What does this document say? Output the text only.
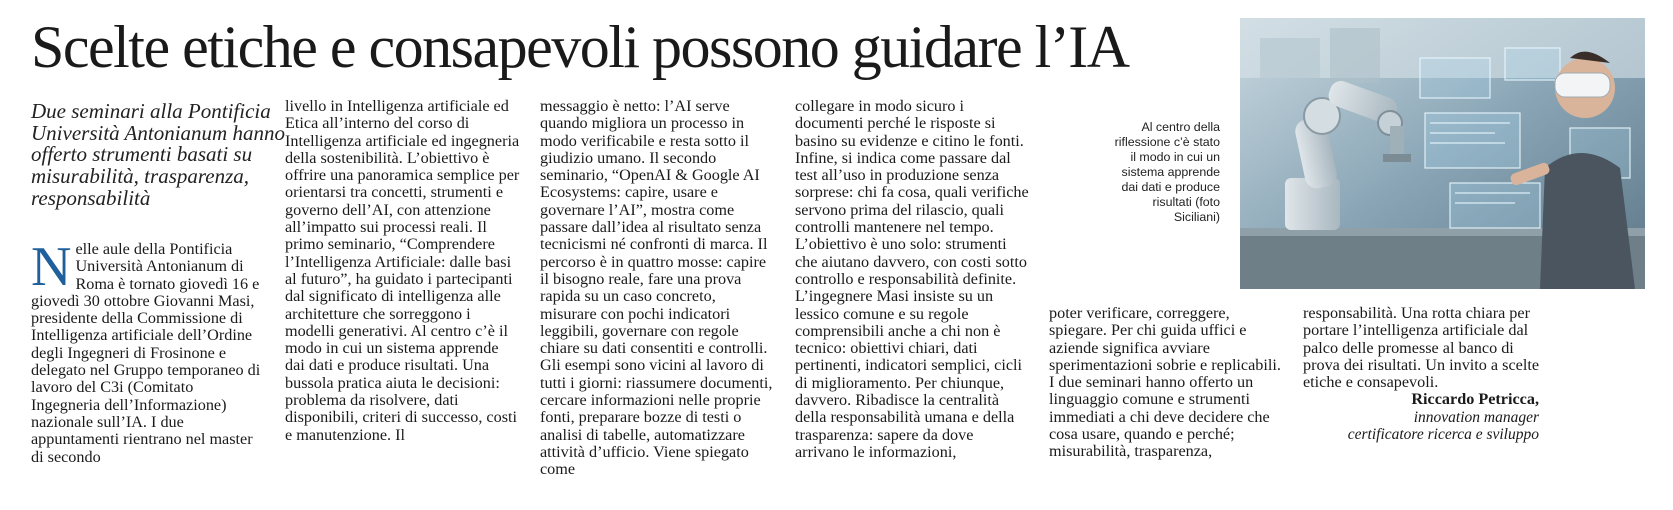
Scelte etiche e consapevoli possono guidare l’IA
Due seminari alla Pontificia Università Antonianum hanno offerto strumenti basati su misurabilità, trasparenza, responsabilità
Nelle aule della Pontificia Università Antonianum di Roma è tornato giovedì 16 e giovedì 30 ottobre Giovanni Masi, presidente della Commissione di Intelligenza artificiale dell’Ordine degli Ingegneri di Frosinone e delegato nel Gruppo temporaneo di lavoro del C3i (Comitato Ingegneria dell’Informazione) nazionale sull’IA. I due appuntamenti rientrano nel master di secondo

livello in Intelligenza artificiale ed Etica all’interno del corso di Intelligenza artificiale ed ingegneria della sostenibilità. L’obiettivo è offrire una panoramica semplice per orientarsi tra concetti, strumenti e governo dell’AI, con attenzione all’impatto sui processi reali. Il primo seminario, “Comprendere l’Intelligenza Artificiale: dalle basi al futuro”, ha guidato i partecipanti dal significato di intelligenza alle architetture che sorreggono i modelli generativi. Al centro c’è il modo in cui un sistema apprende dai dati e produce risultati. Una bussola pratica aiuta le decisioni: problema da risolvere, dati disponibili, criteri di successo, costi e manutenzione. Il

messaggio è netto: l’AI serve quando migliora un processo in modo verificabile e resta sotto il giudizio umano. Il secondo seminario, “OpenAI & Google AI Ecosystems: capire, usare e governare l’AI”, mostra come passare dall’idea al risultato senza tecnicismi né confronti di marca. Il percorso è in quattro mosse: capire il bisogno reale, fare una prova rapida su un caso concreto, misurare con pochi indicatori leggibili, governare con regole chiare su dati consentiti e controlli. Gli esempi sono vicini al lavoro di tutti i giorni: riassumere documenti, cercare informazioni nelle proprie fonti, preparare bozze di testi o analisi di tabelle, automatizzare attività d’ufficio. Viene spiegato come

collegare in modo sicuro i documenti perché le risposte si basino su evidenze e citino le fonti. Infine, si indica come passare dal test all’uso in produzione senza sorprese: chi fa cosa, quali verifiche servono prima del rilascio, quali controlli mantenere nel tempo. L’obiettivo è uno solo: strumenti che aiutano davvero, con costi sotto controllo e responsabilità definite. L’ingegnere Masi insiste su un lessico comune e su regole comprensibili anche a chi non è tecnico: obiettivi chiari, dati pertinenti, indicatori semplici, cicli di miglioramento. Per chiunque, davvero. Ribadisce la centralità della responsabilità umana e della trasparenza: sapere da dove arrivano le informazioni,

poter verificare, correggere, spiegare. Per chi guida uffici e aziende significa avviare sperimentazioni sobrie e replicabili. I due seminari hanno offerto un linguaggio comune e strumenti immediati a chi deve decidere che cosa usare, quando e perché; misurabilità, trasparenza,

responsabilità. Una rotta chiara per portare l’intelligenza artificiale dal palco delle promesse al banco di prova dei risultati. Un invito a scelte etiche e consapevoli.

Riccardo Petricca,
innovation manager
certificatore ricerca e sviluppo
Al centro della riflessione c’è stato il modo in cui un sistema apprende dai dati e produce risultati (foto Siciliani)
